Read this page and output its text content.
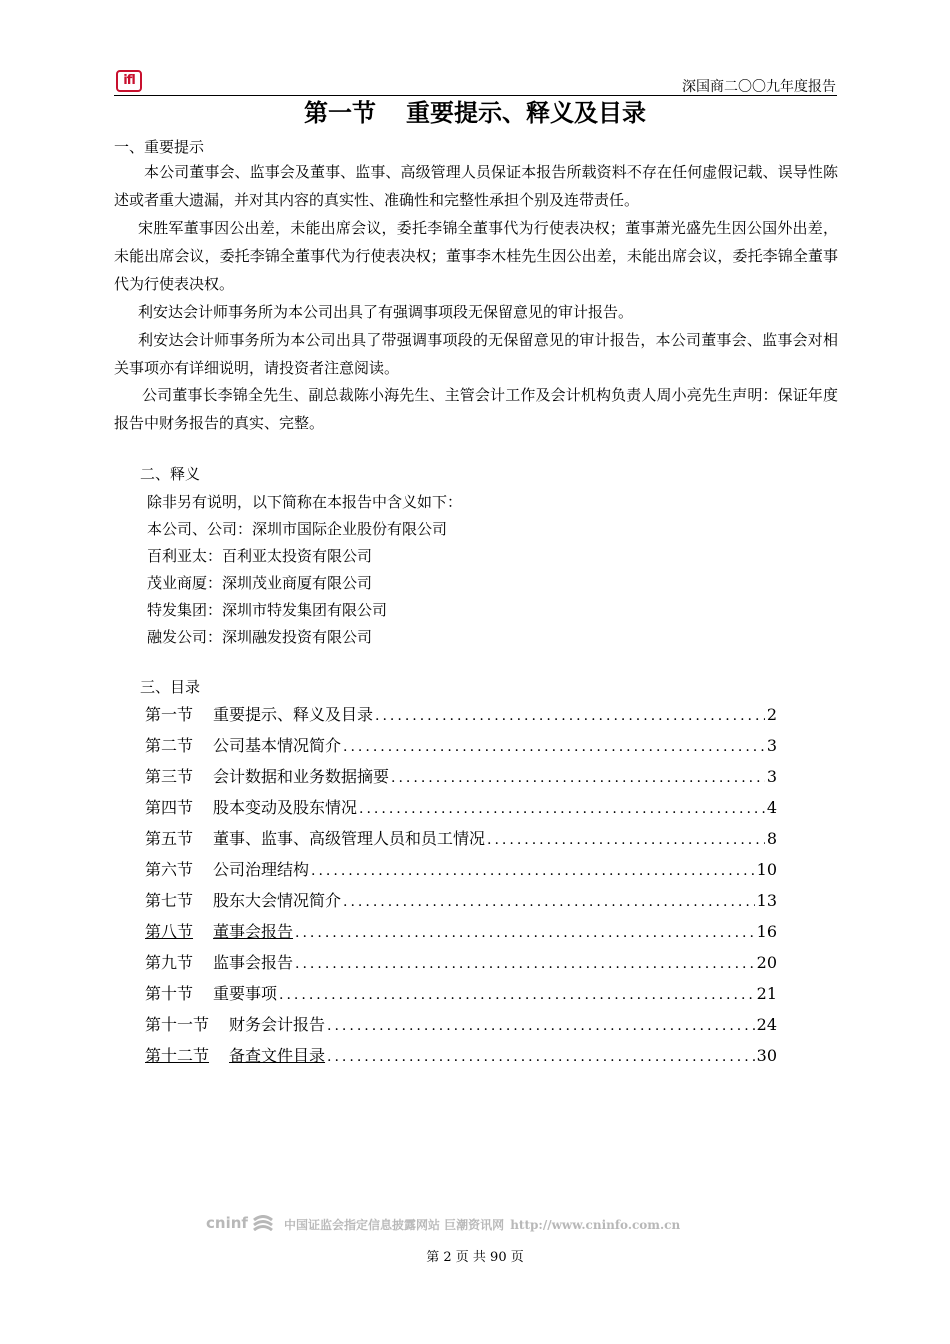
ifl	深国商二〇〇九年度报告
第一节 重要提示、释义及目录
一、重要提示
本公司董事会、监事会及董事、监事、高级管理人员保证本报告所载资料不存在任何虚假记载、误导性陈述或者重大遗漏，并对其内容的真实性、准确性和完整性承担个别及连带责任。
宋胜军董事因公出差，未能出席会议，委托李锦全董事代为行使表决权；董事萧光盛先生因公国外出差，未能出席会议，委托李锦全董事代为行使表决权；董事李木桂先生因公出差，未能出席会议，委托李锦全董事代为行使表决权。
利安达会计师事务所为本公司出具了有强调事项段无保留意见的审计报告。
利安达会计师事务所为本公司出具了带强调事项段的无保留意见的审计报告，本公司董事会、监事会对相关事项亦有详细说明，请投资者注意阅读。
公司董事长李锦全先生、副总裁陈小海先生、主管会计工作及会计机构负责人周小亮先生声明：保证年度报告中财务报告的真实、完整。
二、释义
除非另有说明，以下简称在本报告中含义如下：
本公司、公司：深圳市国际企业股份有限公司
百利亚太：百利亚太投资有限公司
茂业商厦：深圳茂业商厦有限公司
特发集团：深圳市特发集团有限公司
融发公司：深圳融发投资有限公司
三、目录
第一节 重要提示、释义及目录 .....	2
第二节 公司基本情况简介 .....	3
第三节 会计数据和业务数据摘要 .....	3
第四节 股本变动及股东情况 .....	4
第五节 董事、监事、高级管理人员和员工情况 .....	8
第六节 公司治理结构 .....	10
第七节 股东大会情况简介 .....	13
第八节 董事会报告 .....	16
第九节 监事会报告 .....	20
第十节 重要事项 .....	21
第十一节 财务会计报告 .....	24
第十二节 备查文件目录 .....	30
cninf	中国证监会指定信息披露网站 巨潮资讯网 http://www.cninfo.com.cn
第 2 页 共 90 页
